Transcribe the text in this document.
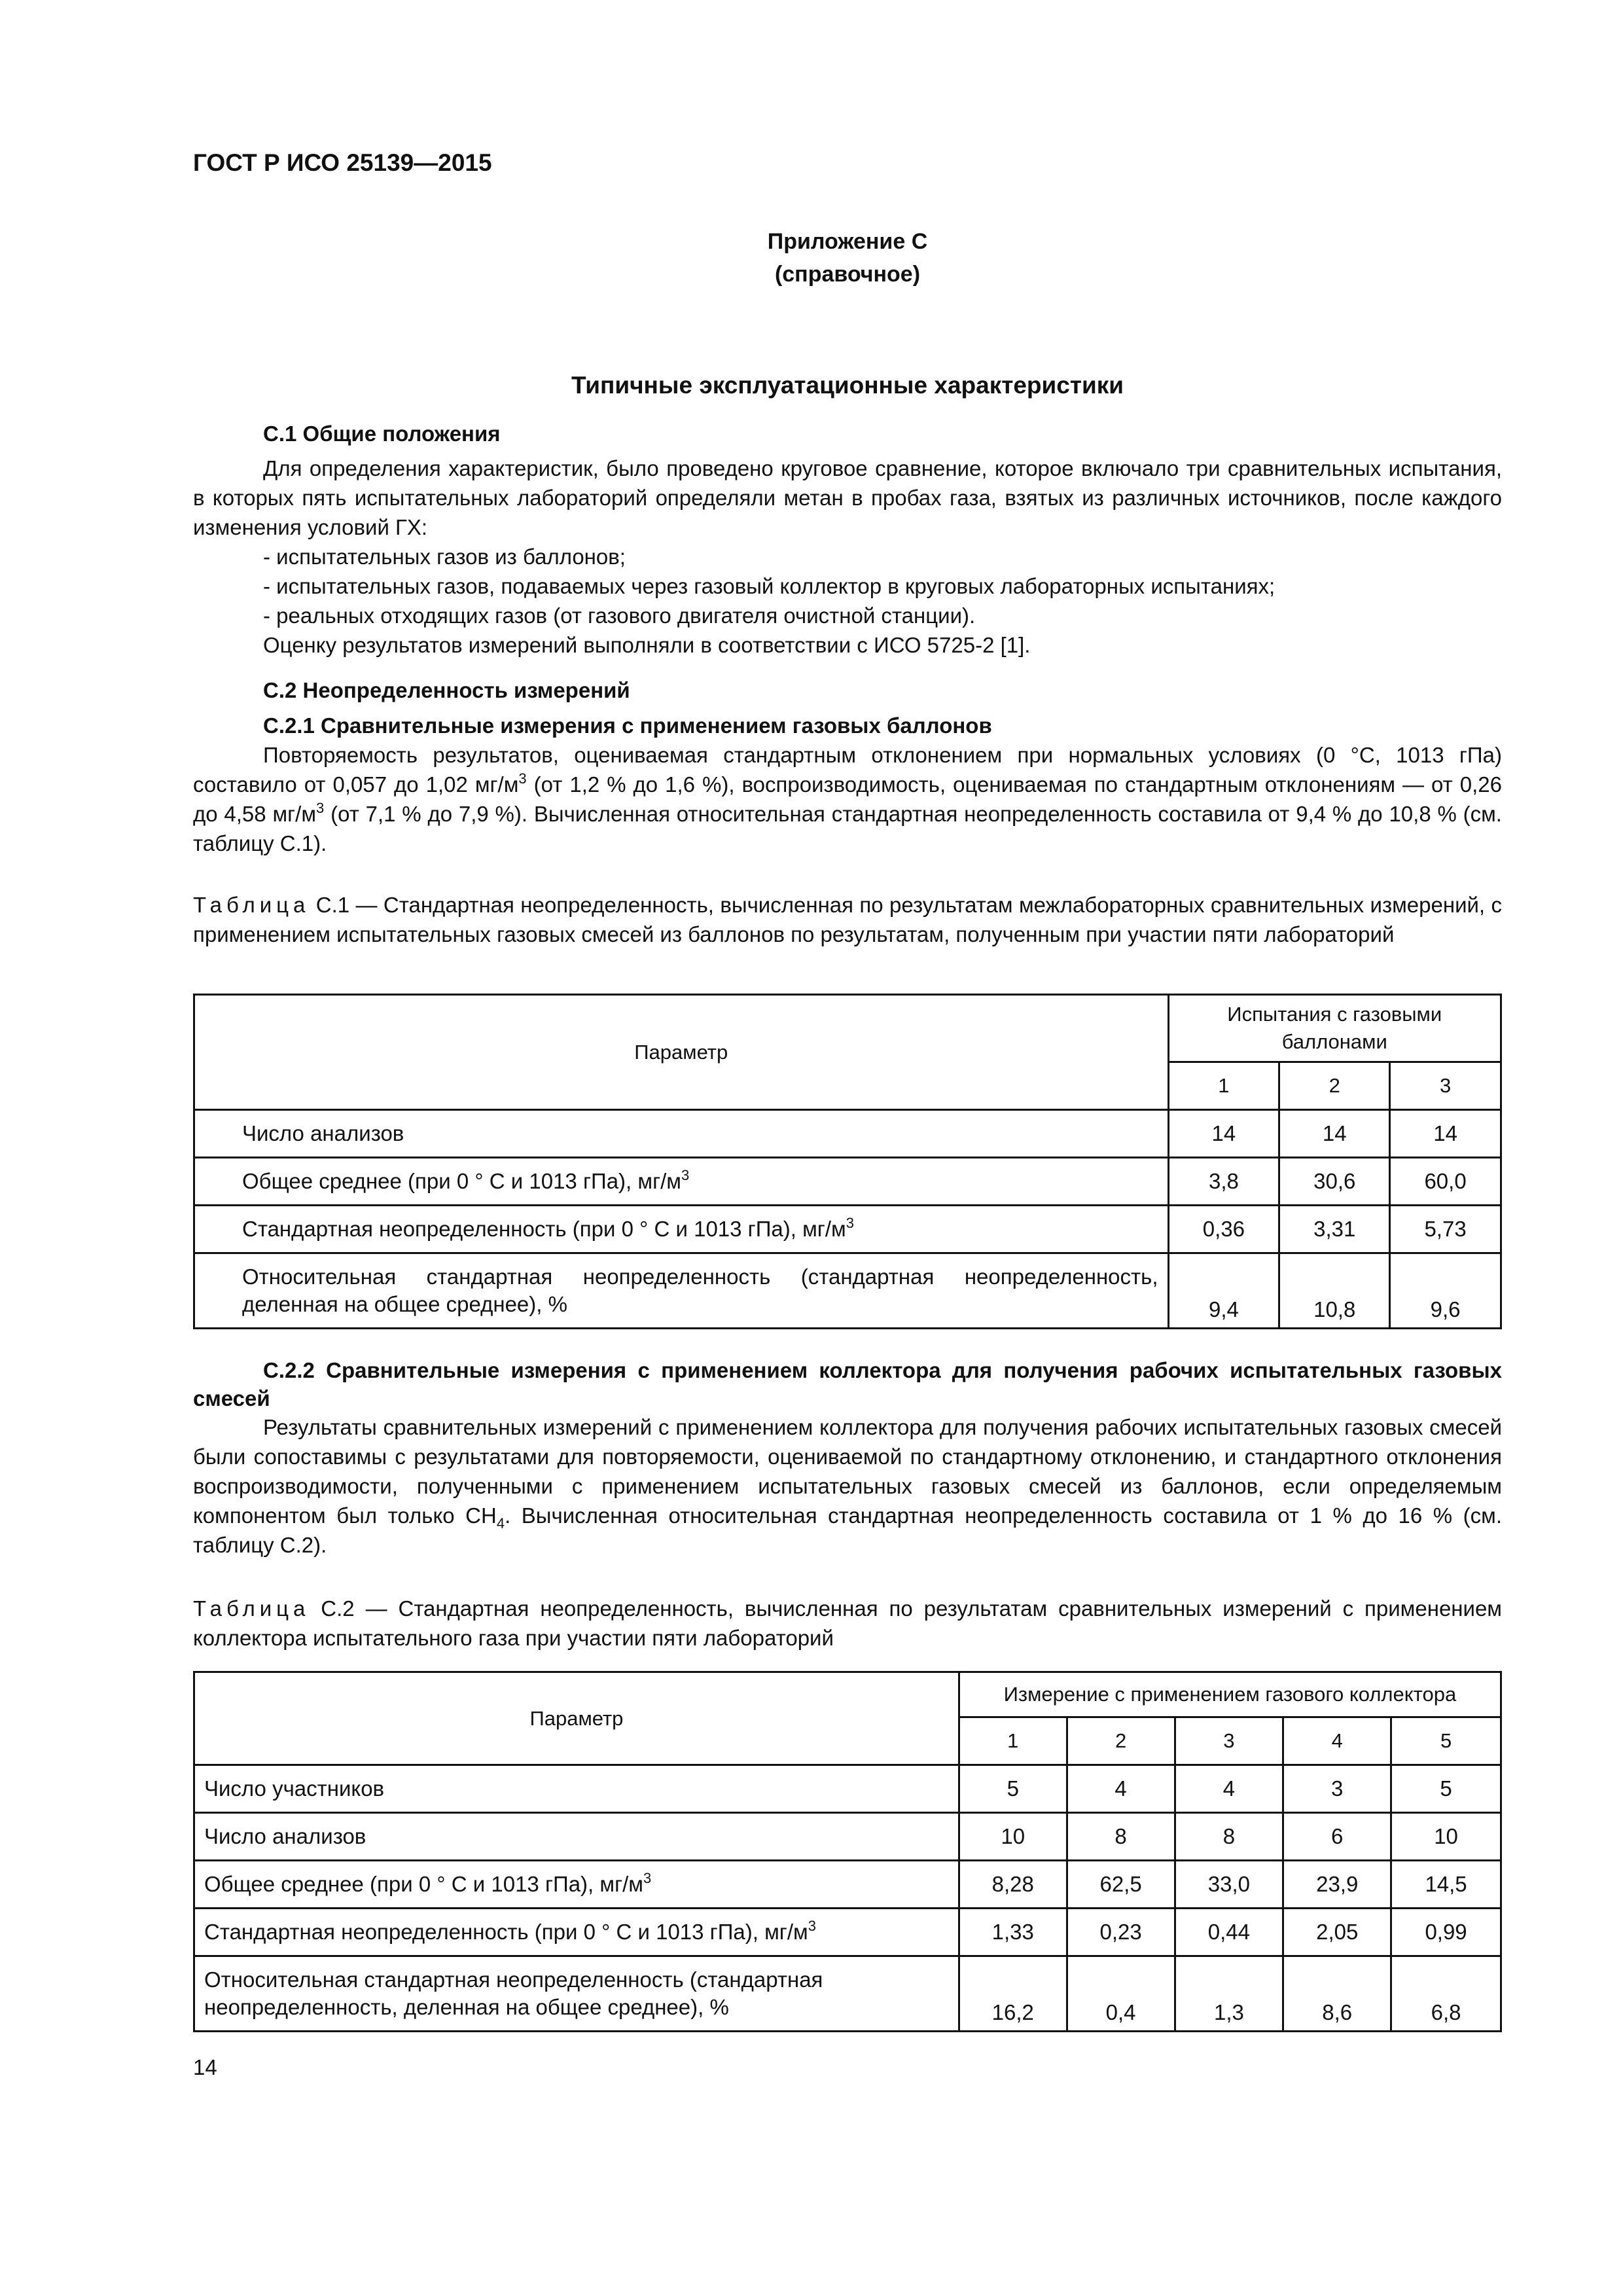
ГОСТ Р ИСО 25139—2015
Приложение С
(справочное)
Типичные эксплуатационные характеристики

С.1 Общие положения

Для определения характеристик, было проведено круговое сравнение, которое включало три сравнительных испытания, в которых пять испытательных лабораторий определяли метан в пробах газа, взятых из различных источников, после каждого изменения условий ГХ:

- испытательных газов из баллонов;

- испытательных газов, подаваемых через газовый коллектор в круговых лабораторных испытаниях;

- реальных отходящих газов (от газового двигателя очистной станции).

Оценку результатов измерений выполняли в соответствии с ИСО 5725-2 [1].

С.2 Неопределенность измерений

С.2.1 Сравнительные измерения с применением газовых баллонов

Повторяемость результатов, оцениваемая стандартным отклонением при нормальных условиях (0 °С, 1013 гПа) составило от 0,057 до 1,02 $мг/м^3$ (от 1,2 % до 1,6 %), воспроизводимость, оцениваемая по стандартным отклонениям — от 0,26 до 4,58 $мг/м^3$ (от 7,1 % до 7,9 %). Вычисленная относительная стандартная неопределенность составила от 9,4 % до 10,8 % (см. таблицу С.1).

Таблица С.1 — Стандартная неопределенность, вычисленная по результатам межлабораторных сравнительных измерений, с применением испытательных газовых смесей из баллонов по результатам, полученным при участии пяти лабораторий

Параметр	Испытания с газовыми баллонами		
	1	2	3
Число анализов	14	14	14
Общее среднее (при 0 ° С и 1013 гПа), $мг/м^3$	3,8	30,6	60,0
Стандартная неопределенность (при 0 ° С и 1013 гПа), $мг/м^3$	0,36	3,31	5,73
Относительная стандартная неопределенность (стандартная неопределенность, деленная на общее среднее), %	9,4	10,8	9,6

С.2.2 Сравнительные измерения с применением коллектора для получения рабочих испытательных газовых смесей

Результаты сравнительных измерений с применением коллектора для получения рабочих испытательных газовых смесей были сопоставимы с результатами для повторяемости, оцениваемой по стандартному отклонению, и стандартного отклонения воспроизводимости, полученными с применением испытательных газовых смесей из баллонов, если определяемым компонентом был только $СН_4$. Вычисленная относительная стандартная неопределенность составила от 1 % до 16 % (см. таблицу С.2).

Таблица С.2 — Стандартная неопределенность, вычисленная по результатам сравнительных измерений с применением коллектора испытательного газа при участии пяти лабораторий

Параметр	Измерение с применением газового коллектора				
	1	2	3	4	5
Число участников	5	4	4	3	5
Число анализов	10	8	8	6	10
Общее среднее (при 0 ° С и 1013 гПа), $мг/м^3$	8,28	62,5	33,0	23,9	14,5
Стандартная неопределенность (при 0 ° С и 1013 гПа), $мг/м^3$	1,33	0,23	0,44	2,05	0,99
Относительная стандартная неопределенность (стандартная неопределенность, деленная на общее среднее), %	16,2	0,4	1,3	8,6	6,8
14
